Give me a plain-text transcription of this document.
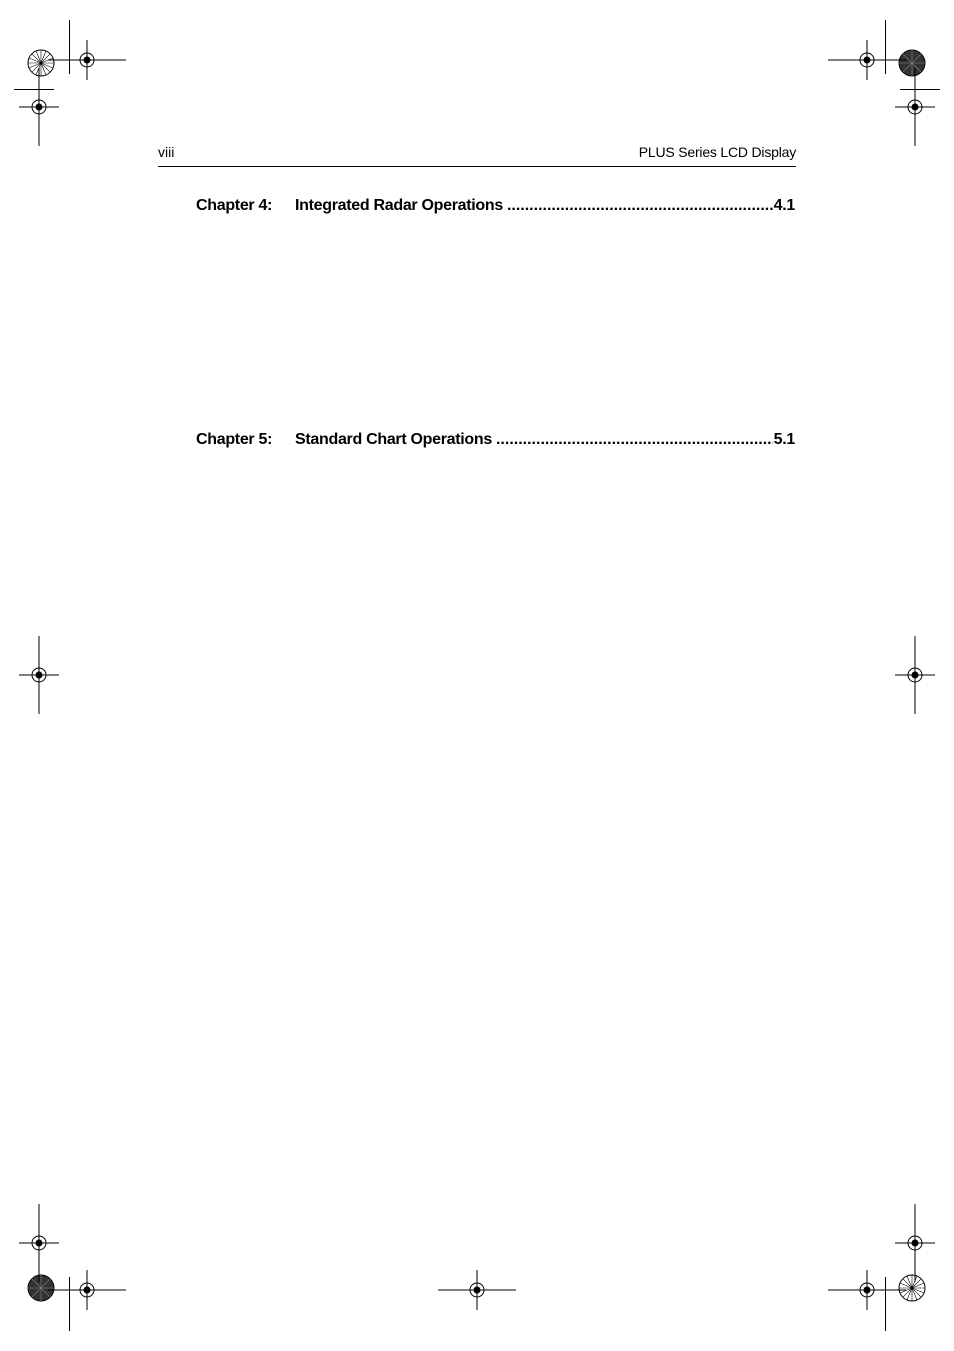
viii	PLUS Series LCD Display
Chapter 4:	Integrated Radar Operations .....	4.1
Chapter 5:	Standard Chart Operations .....	5.1
